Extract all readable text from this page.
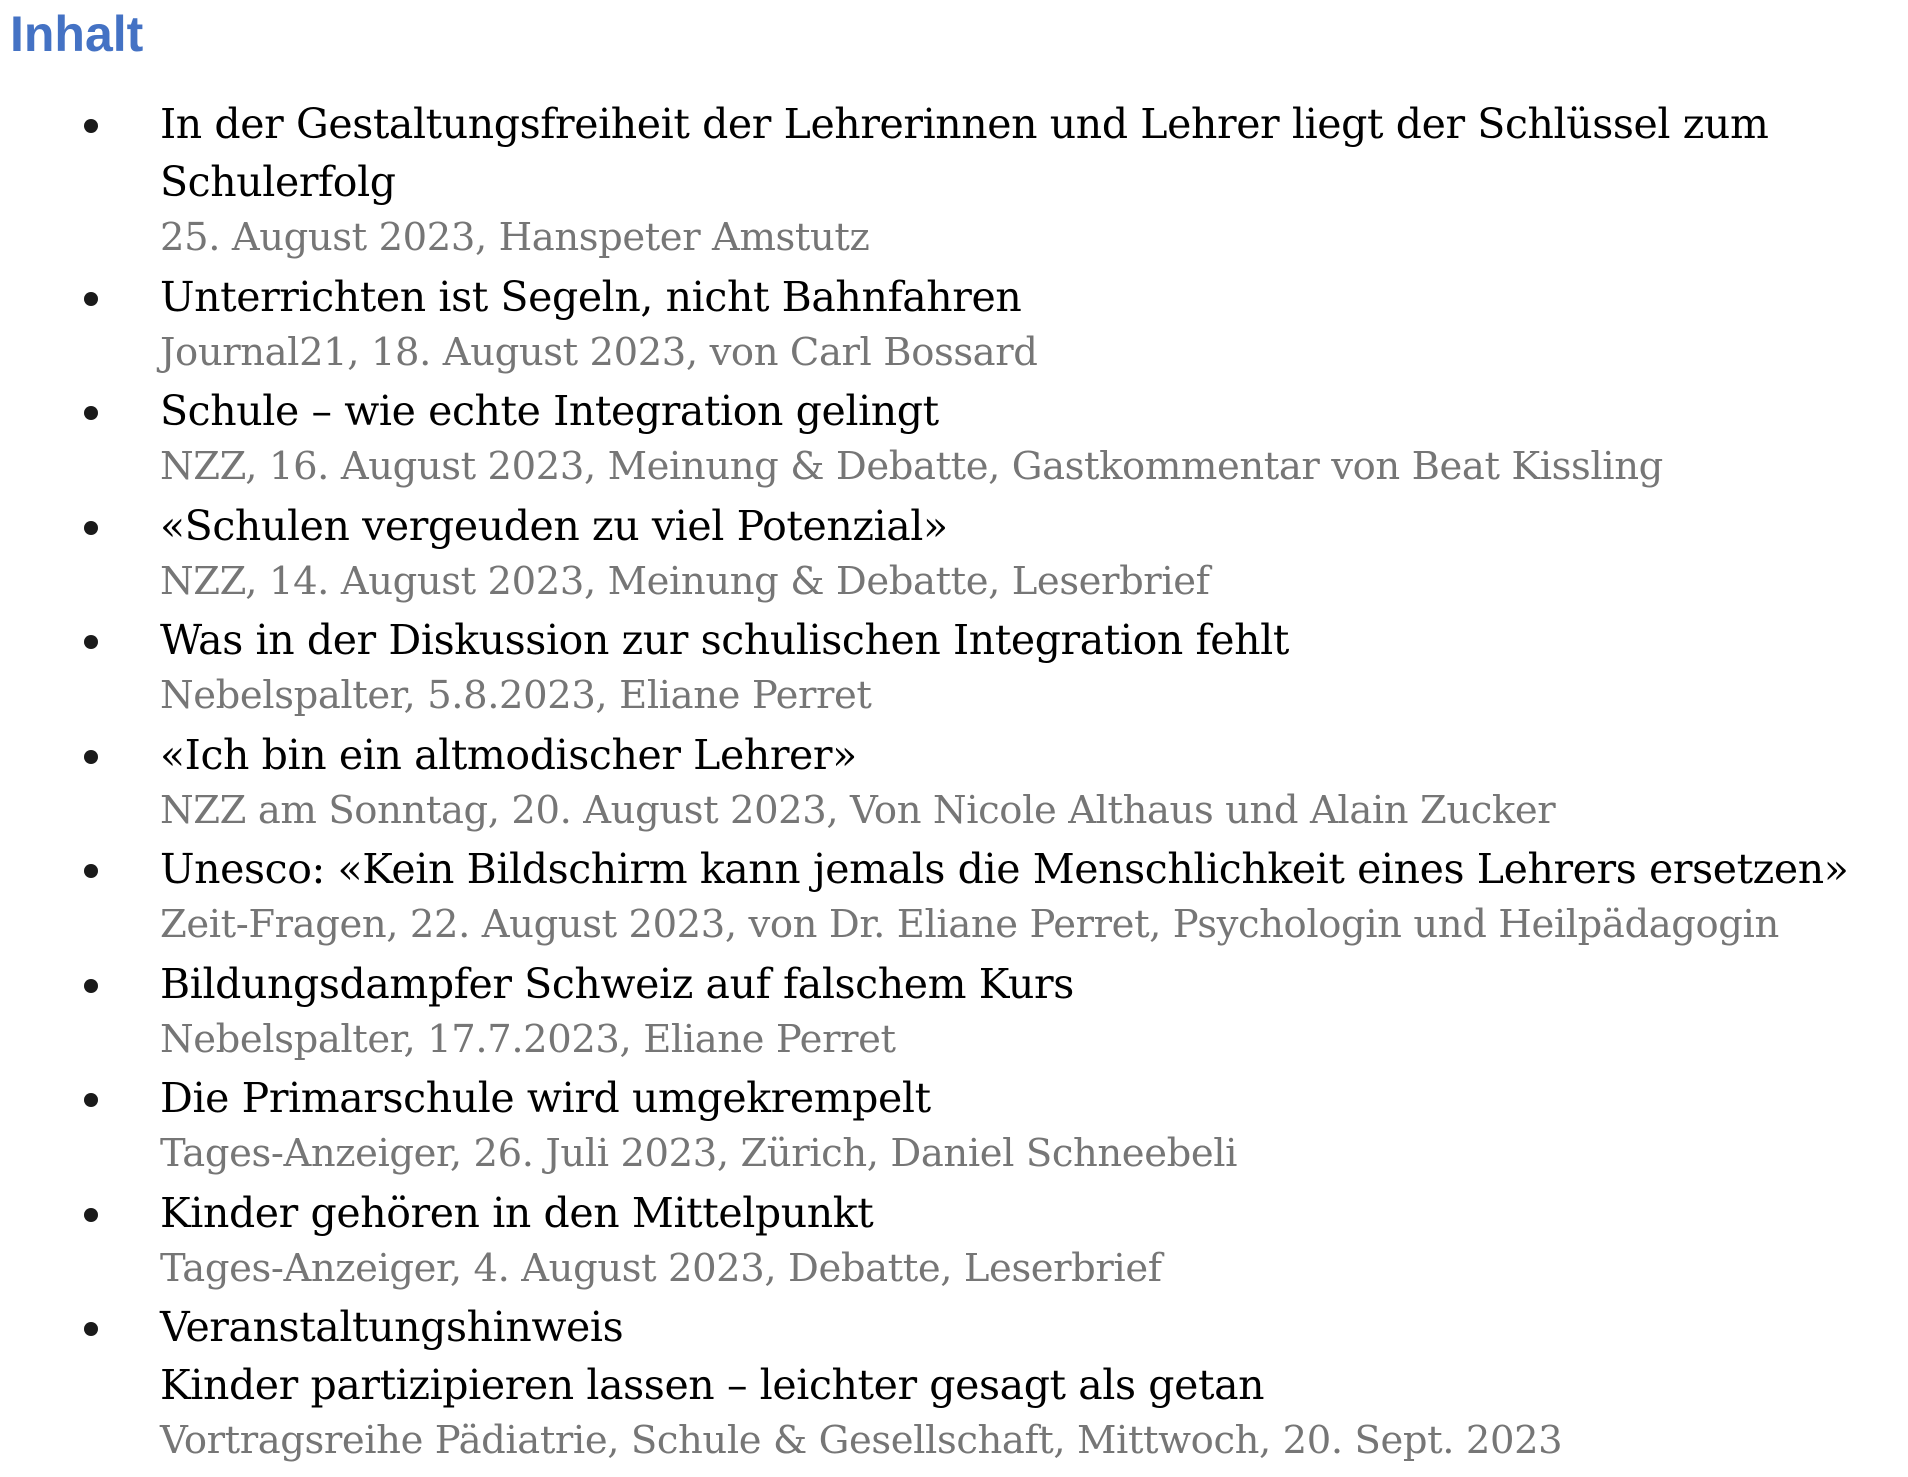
Inhalt
In der Gestaltungsfreiheit der Lehrerinnen und Lehrer liegt der Schlüssel zum Schulerfolg
25. August 2023, Hanspeter Amstutz
Unterrichten ist Segeln, nicht Bahnfahren
Journal21, 18. August 2023, von Carl Bossard
Schule – wie echte Integration gelingt
NZZ, 16. August 2023, Meinung & Debatte, Gastkommentar von Beat Kissling
«Schulen vergeuden zu viel Potenzial»
NZZ, 14. August 2023, Meinung & Debatte, Leserbrief
Was in der Diskussion zur schulischen Integration fehlt
Nebelspalter, 5.8.2023, Eliane Perret
«Ich bin ein altmodischer Lehrer»
NZZ am Sonntag, 20. August 2023, Von Nicole Althaus und Alain Zucker
Unesco: «Kein Bildschirm kann jemals die Menschlichkeit eines Lehrers ersetzen»
Zeit-Fragen, 22. August 2023, von Dr. Eliane Perret, Psychologin und Heilpädagogin
Bildungsdampfer Schweiz auf falschem Kurs
Nebelspalter, 17.7.2023, Eliane Perret
Die Primarschule wird umgekrempelt
Tages-Anzeiger, 26. Juli 2023, Zürich, Daniel Schneebeli
Kinder gehören in den Mittelpunkt
Tages-Anzeiger, 4. August 2023, Debatte, Leserbrief
Veranstaltungshinweis
Kinder partizipieren lassen – leichter gesagt als getan
Vortragsreihe Pädiatrie, Schule & Gesellschaft, Mittwoch, 20. Sept. 2023
